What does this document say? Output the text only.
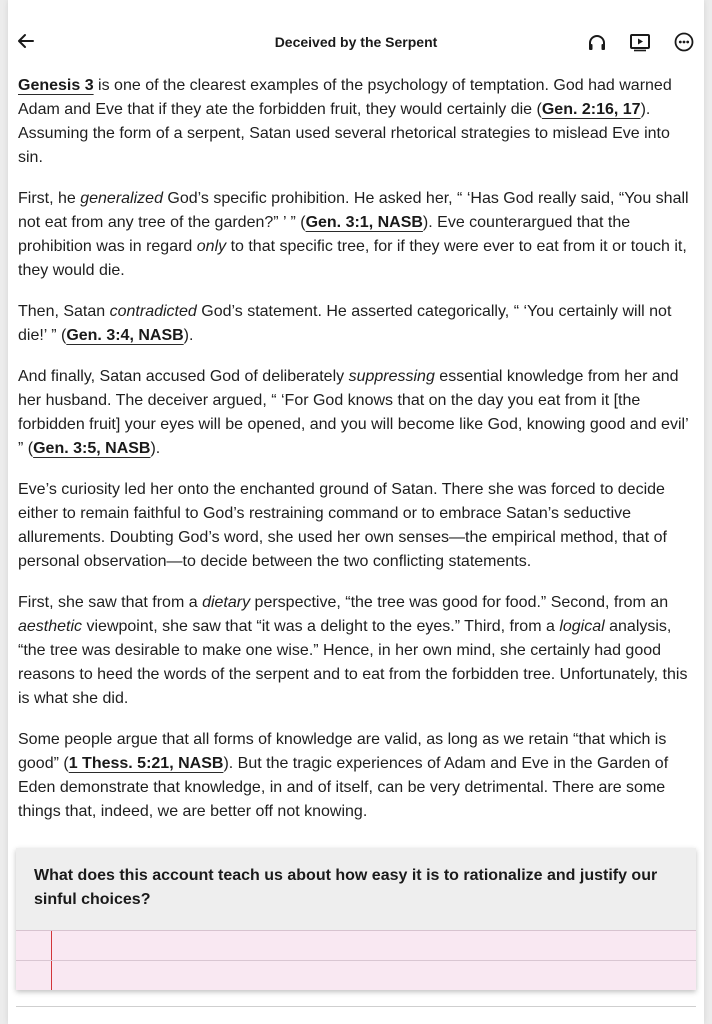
Deceived by the Serpent

Genesis 3 is one of the clearest examples of the psychology of temptation. God had warned Adam and Eve that if they ate the forbidden fruit, they would certainly die (Gen. 2:16, 17). Assuming the form of a serpent, Satan used several rhetorical strategies to mislead Eve into sin.

First, he generalized God’s specific prohibition. He asked her, “ ‘Has God really said, “You shall not eat from any tree of the garden?” ’ ” (Gen. 3:1, NASB). Eve counterargued that the prohibition was in regard only to that specific tree, for if they were ever to eat from it or touch it, they would die.

Then, Satan contradicted God’s statement. He asserted categorically, “ ‘You certainly will not die!’ ” (Gen. 3:4, NASB).

And finally, Satan accused God of deliberately suppressing essential knowledge from her and her husband. The deceiver argued, “ ‘For God knows that on the day you eat from it [the forbidden fruit] your eyes will be opened, and you will become like God, knowing good and evil’ ” (Gen. 3:5, NASB).

Eve’s curiosity led her onto the enchanted ground of Satan. There she was forced to decide either to remain faithful to God’s restraining command or to embrace Satan’s seductive allurements. Doubting God’s word, she used her own senses—the empirical method, that of personal observation—to decide between the two conflicting statements.

First, she saw that from a dietary perspective, “the tree was good for food.” Second, from an aesthetic viewpoint, she saw that “it was a delight to the eyes.” Third, from a logical analysis, “the tree was desirable to make one wise.” Hence, in her own mind, she certainly had good reasons to heed the words of the serpent and to eat from the forbidden tree. Unfortunately, this is what she did.

Some people argue that all forms of knowledge are valid, as long as we retain “that which is good” (1 Thess. 5:21, NASB). But the tragic experiences of Adam and Eve in the Garden of Eden demonstrate that knowledge, in and of itself, can be very detrimental. There are some things that, indeed, we are better off not knowing.

What does this account teach us about how easy it is to rationalize and justify our sinful choices?
